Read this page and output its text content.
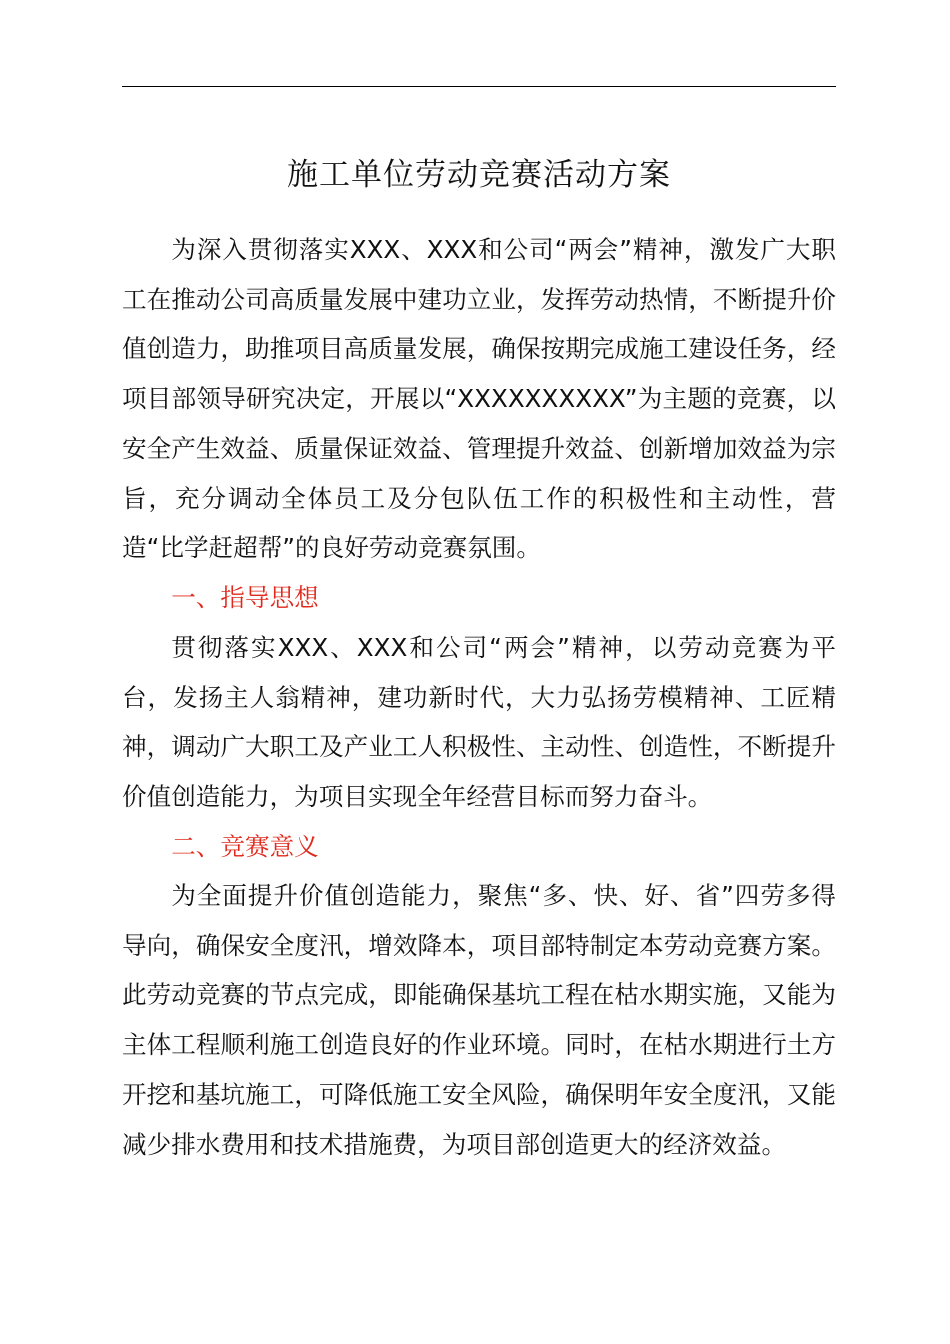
施工单位劳动竞赛活动方案

为深入贯彻落实XXX、XXX和公司“两会”精神，激发广大职工在推动公司高质量发展中建功立业，发挥劳动热情，不断提升价值创造力，助推项目高质量发展，确保按期完成施工建设任务，经项目部领导研究决定，开展以“XXXXXXXXXX”为主题的竞赛，以安全产生效益、质量保证效益、管理提升效益、创新增加效益为宗旨，充分调动全体员工及分包队伍工作的积极性和主动性，营造“比学赶超帮”的良好劳动竞赛氛围。

一、指导思想

贯彻落实XXX、XXX和公司“两会”精神，以劳动竞赛为平台，发扬主人翁精神，建功新时代，大力弘扬劳模精神、工匠精神，调动广大职工及产业工人积极性、主动性、创造性，不断提升价值创造能力，为项目实现全年经营目标而努力奋斗。

二、竞赛意义

为全面提升价值创造能力，聚焦“多、快、好、省”四劳多得导向，确保安全度汛，增效降本，项目部特制定本劳动竞赛方案。此劳动竞赛的节点完成，即能确保基坑工程在枯水期实施，又能为主体工程顺利施工创造良好的作业环境。同时，在枯水期进行土方开挖和基坑施工，可降低施工安全风险，确保明年安全度汛，又能减少排水费用和技术措施费，为项目部创造更大的经济效益。
